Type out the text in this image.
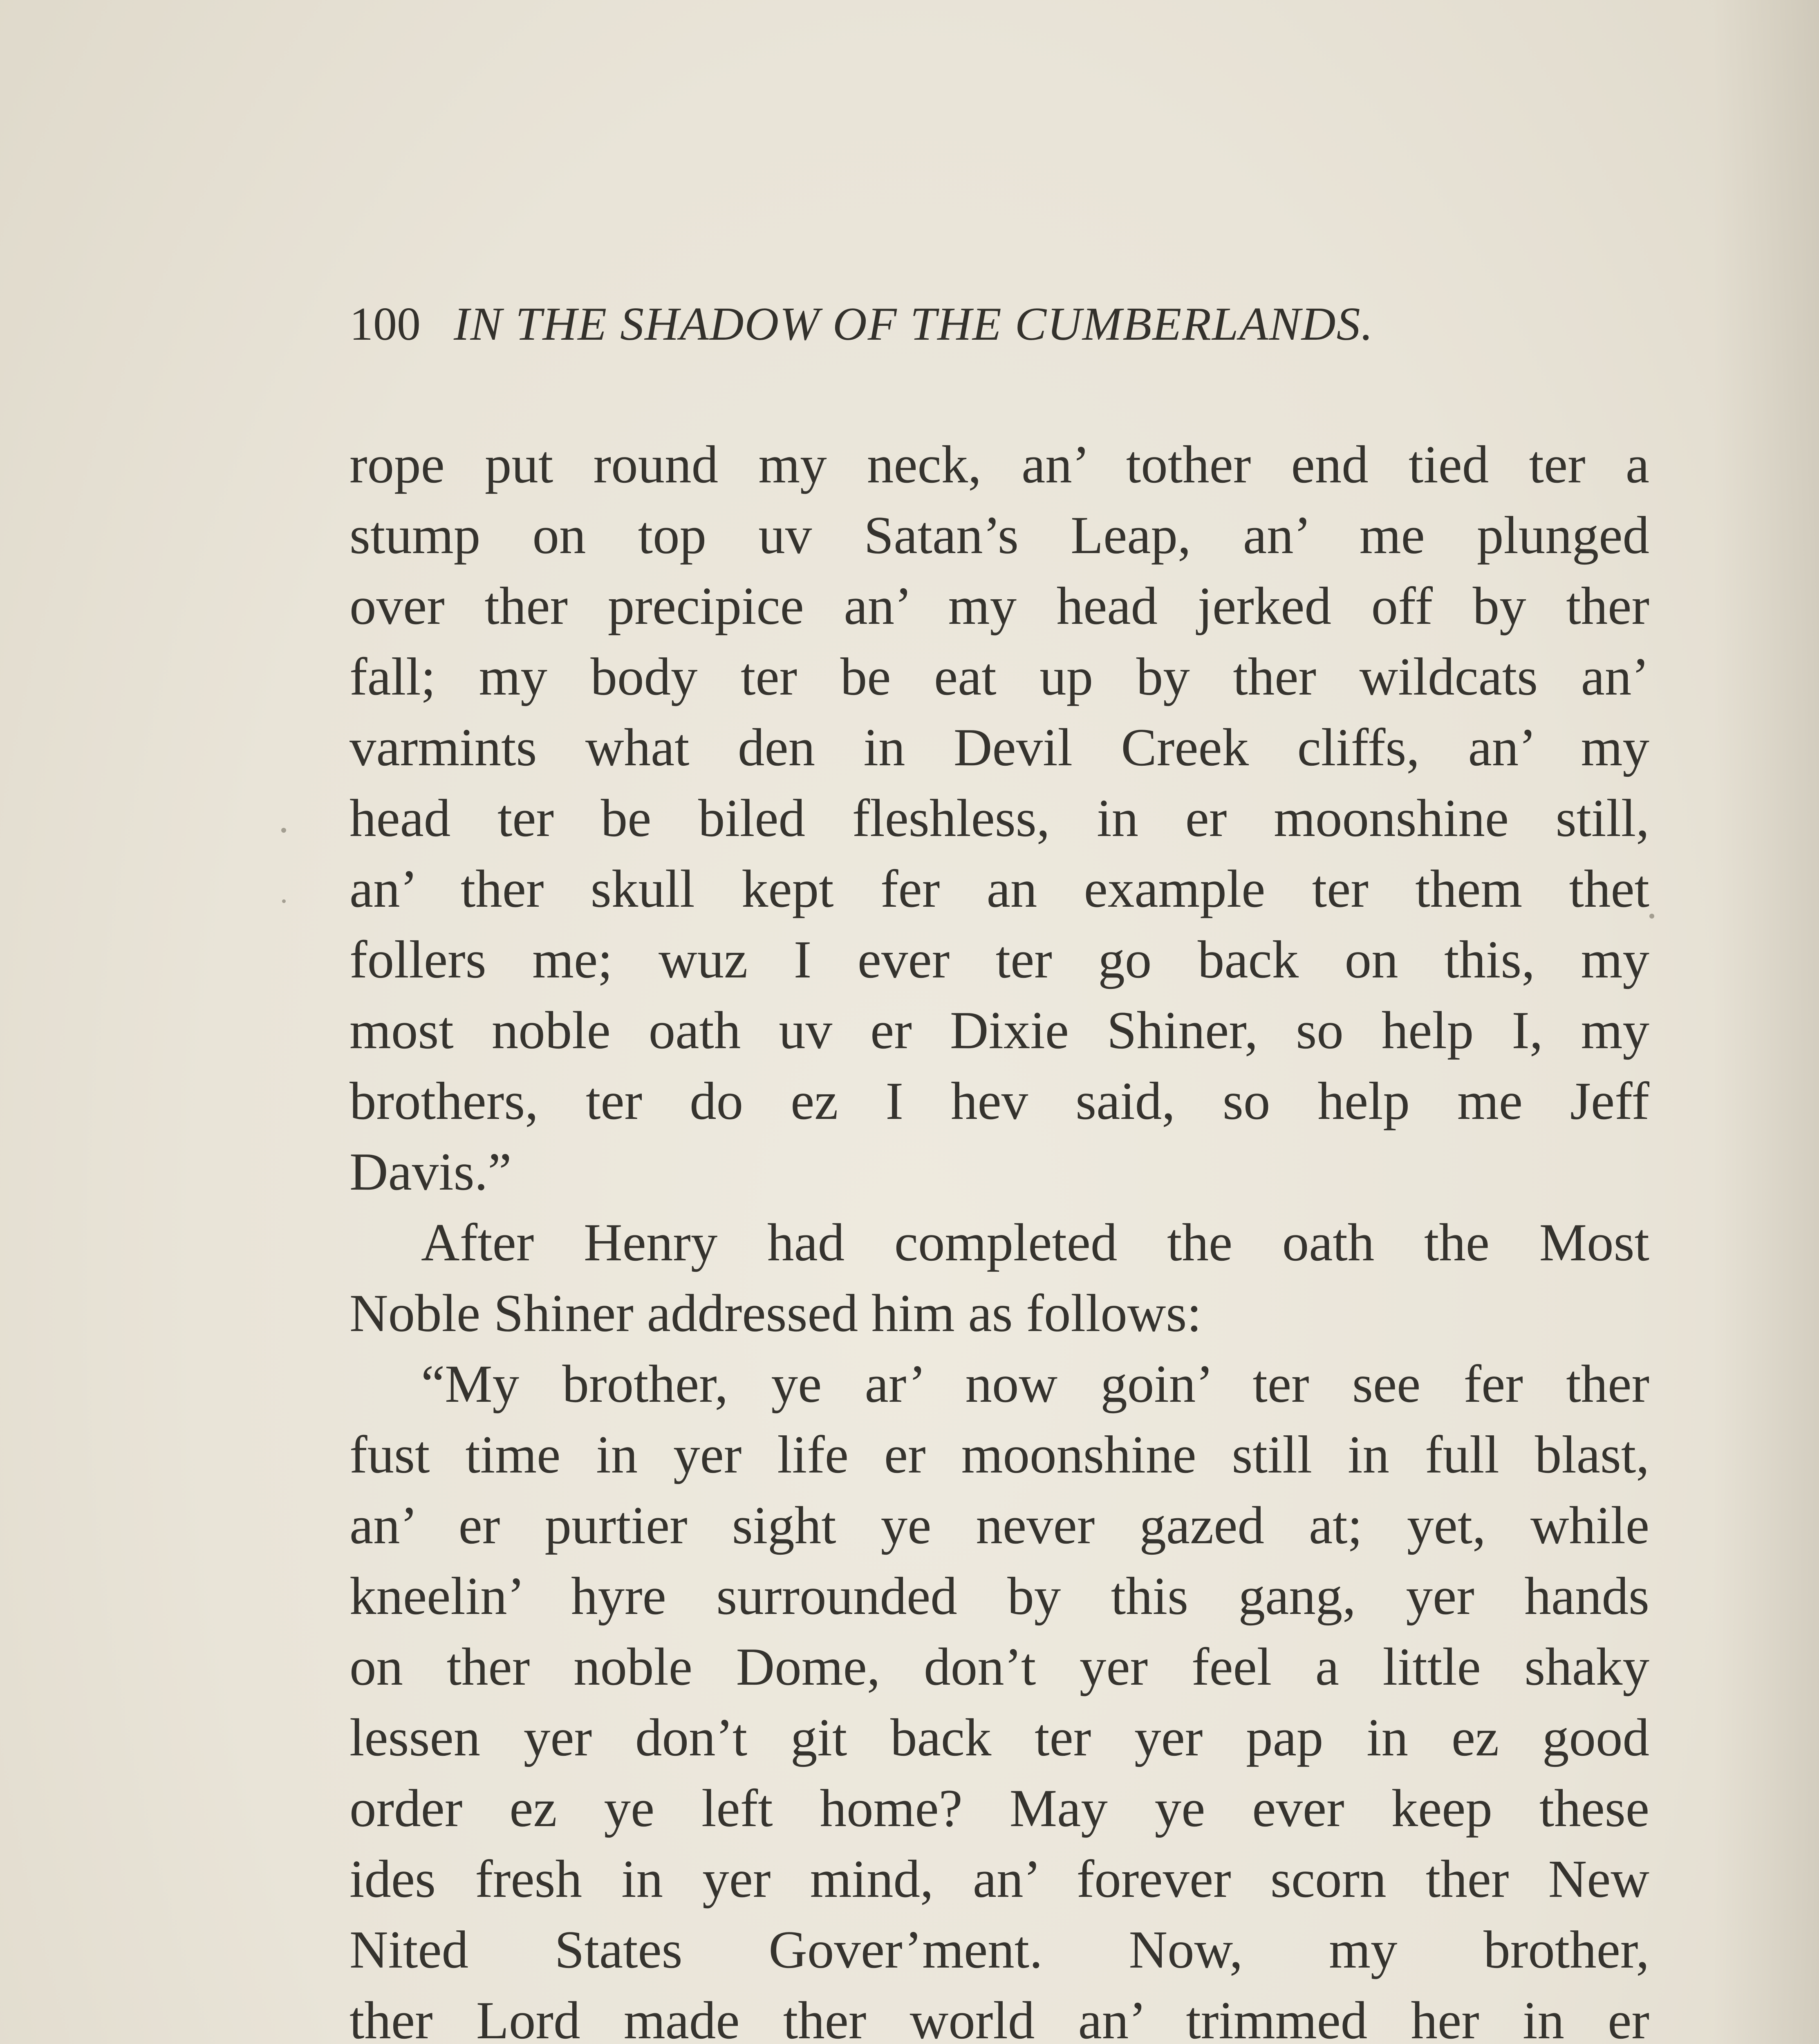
100 IN THE SHADOW OF THE CUMBERLANDS.
rope put round my neck, an’ tother end tied ter a
stump on top uv Satan’s Leap, an’ me plunged
over ther precipice an’ my head jerked off by ther
fall; my body ter be eat up by ther wildcats an’
varmints what den in Devil Creek cliffs, an’ my
head ter be biled fleshless, in er moonshine still,
an’ ther skull kept fer an example ter them thet
follers me; wuz I ever ter go back on this, my
most noble oath uv er Dixie Shiner, so help I, my
brothers, ter do ez I hev said, so help me Jeff
Davis.”
After Henry had completed the oath the Most
Noble Shiner addressed him as follows:
“My brother, ye ar’ now goin’ ter see fer ther
fust time in yer life er moonshine still in full blast,
an’ er purtier sight ye never gazed at; yet, while
kneelin’ hyre surrounded by this gang, yer hands
on ther noble Dome, don’t yer feel a little shaky
lessen yer don’t git back ter yer pap in ez good
order ez ye left home? May ye ever keep these
ides fresh in yer mind, an’ forever scorn ther New
Nited States Gover’ment. Now, my brother,
ther Lord made ther world an’ trimmed her in er
